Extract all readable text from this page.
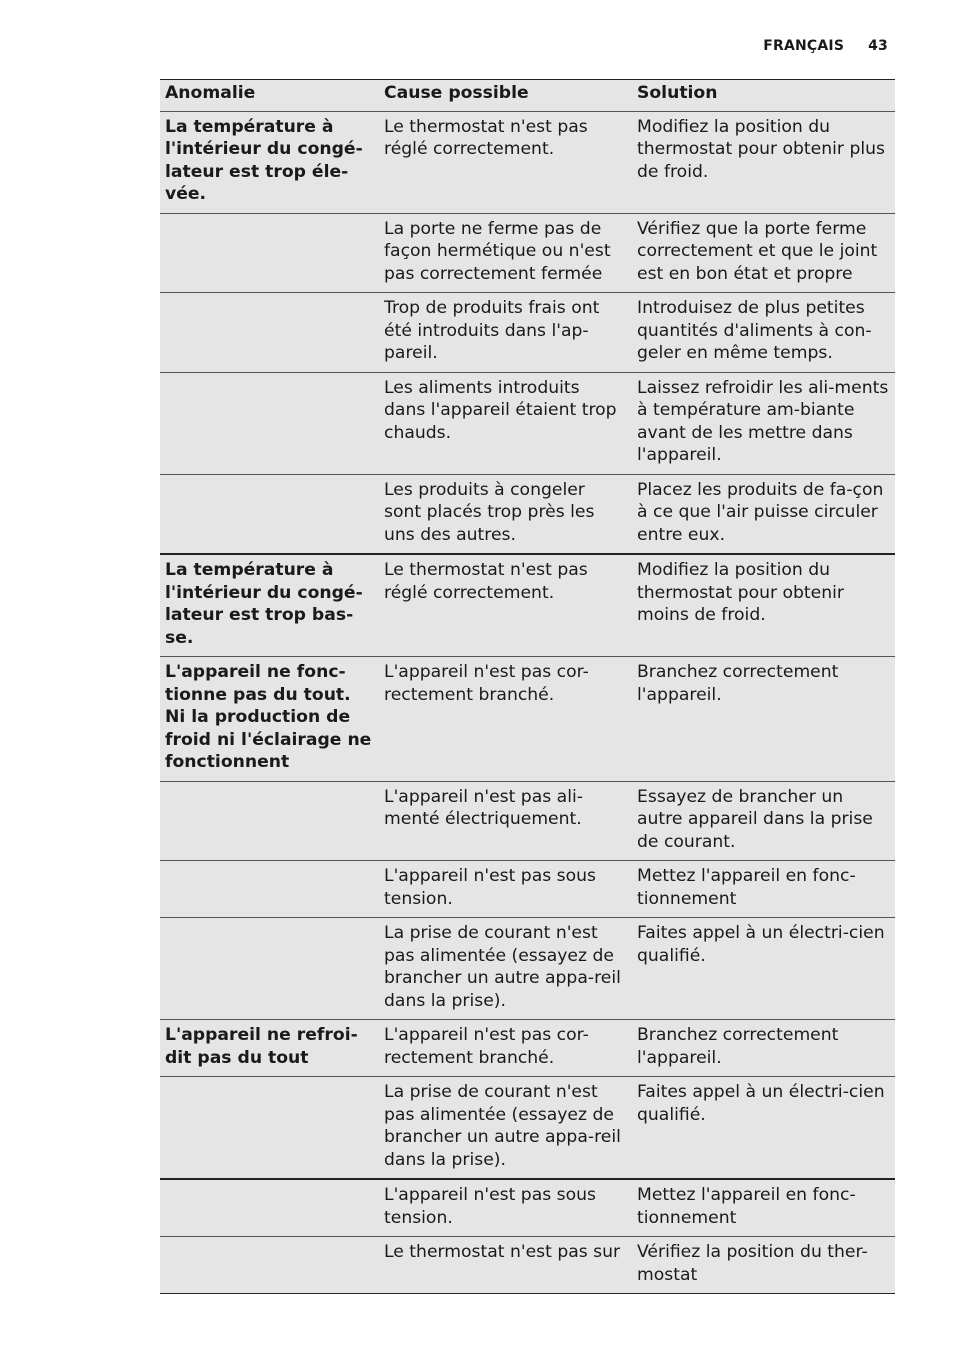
FRANÇAIS 43
Anomalie	Cause possible	Solution
La température à l'intérieur du congé-lateur est trop éle-vée.	Le thermostat n'est pas réglé correctement.	Modifiez la position du thermostat pour obtenir plus de froid.
	La porte ne ferme pas de façon hermétique ou n'est pas correctement fermée	Vérifiez que la porte ferme correctement et que le joint est en bon état et propre
	Trop de produits frais ont été introduits dans l'ap-pareil.	Introduisez de plus petites quantités d'aliments à con-geler en même temps.
	Les aliments introduits dans l'appareil étaient trop chauds.	Laissez refroidir les ali-ments à température am-biante avant de les mettre dans l'appareil.
	Les produits à congeler sont placés trop près les uns des autres.	Placez les produits de fa-çon à ce que l'air puisse circuler entre eux.
La température à l'intérieur du congé-lateur est trop bas-se.	Le thermostat n'est pas réglé correctement.	Modifiez la position du thermostat pour obtenir moins de froid.
L'appareil ne fonc-tionne pas du tout. Ni la production de froid ni l'éclairage ne fonctionnent	L'appareil n'est pas cor-rectement branché.	Branchez correctement l'appareil.
	L'appareil n'est pas ali-menté électriquement.	Essayez de brancher un autre appareil dans la prise de courant.
	L'appareil n'est pas sous tension.	Mettez l'appareil en fonc-tionnement
	La prise de courant n'est pas alimentée (essayez de brancher un autre appa-reil dans la prise).	Faites appel à un électri-cien qualifié.
L'appareil ne refroi-dit pas du tout	L'appareil n'est pas cor-rectement branché.	Branchez correctement l'appareil.
	La prise de courant n'est pas alimentée (essayez de brancher un autre appa-reil dans la prise).	Faites appel à un électri-cien qualifié.
	L'appareil n'est pas sous tension.	Mettez l'appareil en fonc-tionnement
	Le thermostat n'est pas sur	Vérifiez la position du ther-mostat
